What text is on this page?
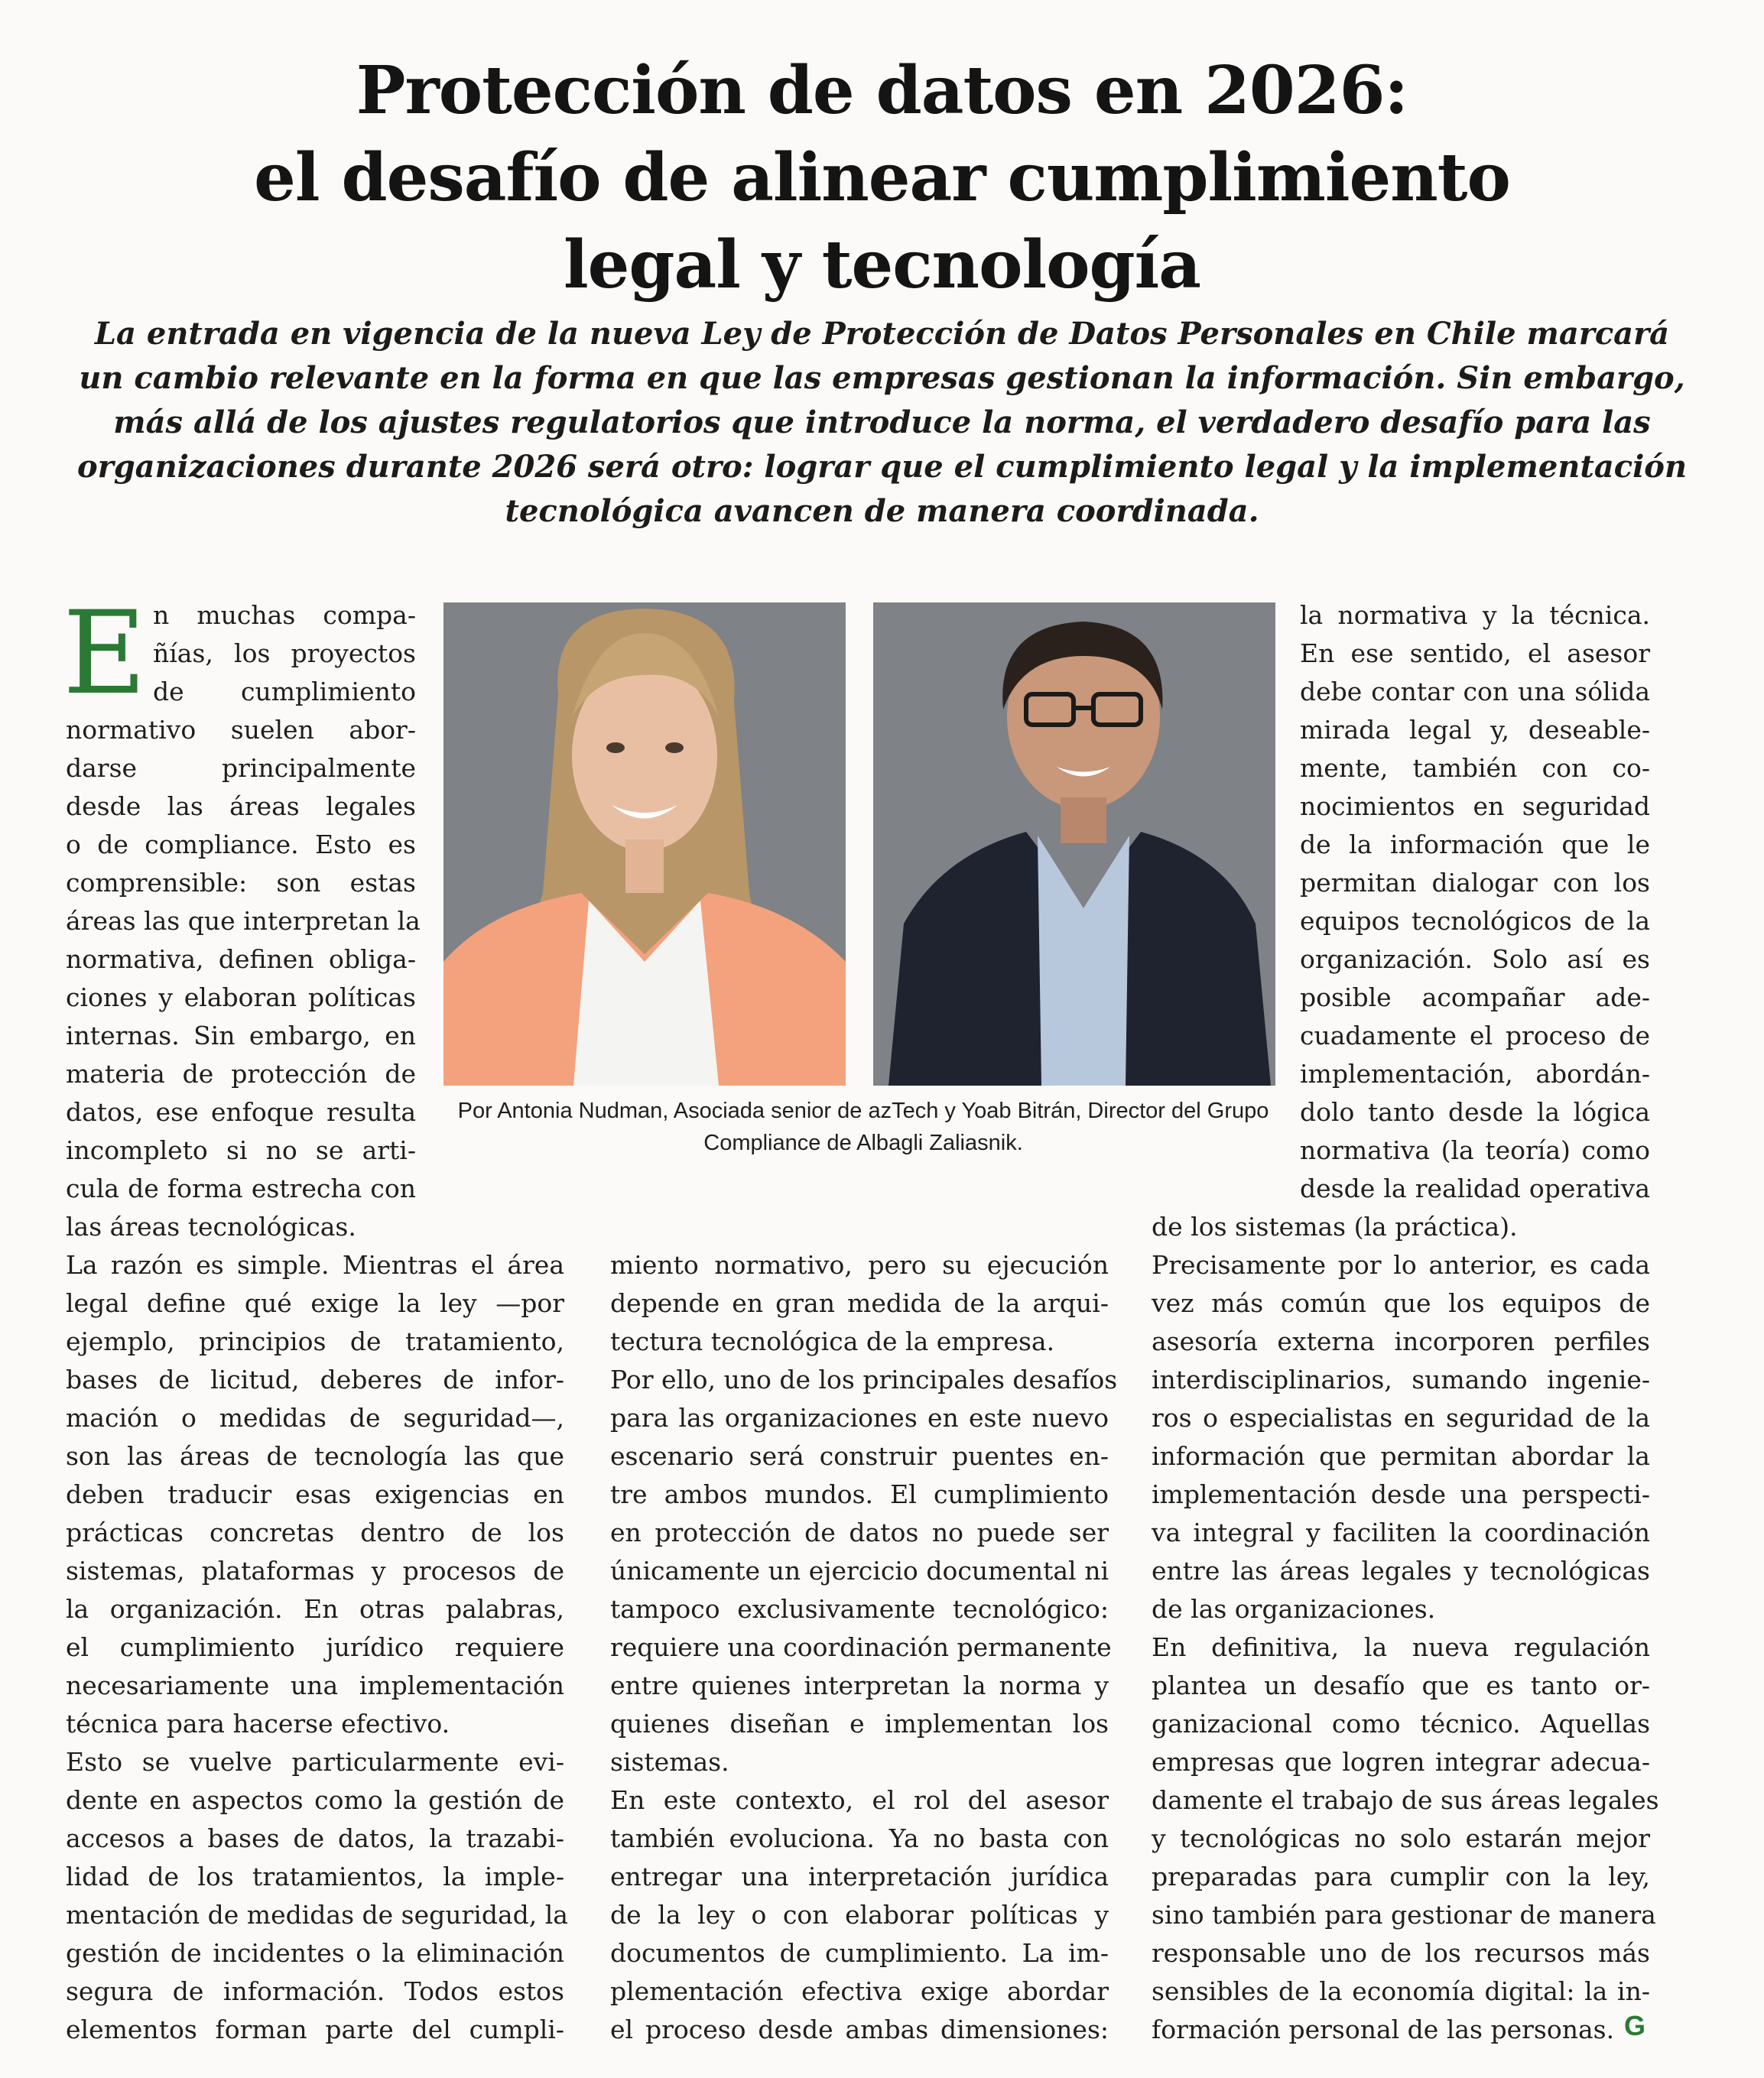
Protección de datos en 2026:
el desafío de alinear cumplimiento
legal y tecnología

La entrada en vigencia de la nueva Ley de Protección de Datos Personales en Chile marcará
un cambio relevante en la forma en que las empresas gestionan la información. Sin embargo,
más allá de los ajustes regulatorios que introduce la norma, el verdadero desafío para las
organizaciones durante 2026 será otro: lograr que el cumplimiento legal y la implementación
tecnológica avancen de manera coordinada.

E

Por Antonia Nudman, Asociada senior de azTech y Yoab Bitrán, Director del Grupo
Compliance de Albagli Zaliasnik.

n muchas compa-

ñías, los proyectos

de cumplimiento

normativo suelen abor-

darse principalmente

desde las áreas legales

o de compliance. Esto es

comprensible: son estas

áreas las que interpretan la

normativa, definen obliga-

ciones y elaboran políticas

internas. Sin embargo, en

materia de protección de

datos, ese enfoque resulta

incompleto si no se arti-

cula de forma estrecha con

las áreas tecnológicas.

La razón es simple. Mientras el área

legal define qué exige la ley —por

ejemplo, principios de tratamiento,

bases de licitud, deberes de infor-

mación o medidas de seguridad—,

son las áreas de tecnología las que

deben traducir esas exigencias en

prácticas concretas dentro de los

sistemas, plataformas y procesos de

la organización. En otras palabras,

el cumplimiento jurídico requiere

necesariamente una implementación

técnica para hacerse efectivo.

Esto se vuelve particularmente evi-

dente en aspectos como la gestión de

accesos a bases de datos, la trazabi-

lidad de los tratamientos, la imple-

mentación de medidas de seguridad, la

gestión de incidentes o la eliminación

segura de información. Todos estos

elementos forman parte del cumpli-

miento normativo, pero su ejecución

depende en gran medida de la arqui-

tectura tecnológica de la empresa.

Por ello, uno de los principales desafíos

para las organizaciones en este nuevo

escenario será construir puentes en-

tre ambos mundos. El cumplimiento

en protección de datos no puede ser

únicamente un ejercicio documental ni

tampoco exclusivamente tecnológico:

requiere una coordinación permanente

entre quienes interpretan la norma y

quienes diseñan e implementan los

sistemas.

En este contexto, el rol del asesor

también evoluciona. Ya no basta con

entregar una interpretación jurídica

de la ley o con elaborar políticas y

documentos de cumplimiento. La im-

plementación efectiva exige abordar

el proceso desde ambas dimensiones:

la normativa y la técnica.

En ese sentido, el asesor

debe contar con una sólida

mirada legal y, deseable-

mente, también con co-

nocimientos en seguridad

de la información que le

permitan dialogar con los

equipos tecnológicos de la

organización. Solo así es

posible acompañar ade-

cuadamente el proceso de

implementación, abordán-

dolo tanto desde la lógica

normativa (la teoría) como

desde la realidad operativa

de los sistemas (la práctica).

Precisamente por lo anterior, es cada

vez más común que los equipos de

asesoría externa incorporen perfiles

interdisciplinarios, sumando ingenie-

ros o especialistas en seguridad de la

información que permitan abordar la

implementación desde una perspecti-

va integral y faciliten la coordinación

entre las áreas legales y tecnológicas

de las organizaciones.

En definitiva, la nueva regulación

plantea un desafío que es tanto or-

ganizacional como técnico. Aquellas

empresas que logren integrar adecua-

damente el trabajo de sus áreas legales

y tecnológicas no solo estarán mejor

preparadas para cumplir con la ley,

sino también para gestionar de manera

responsable uno de los recursos más

sensibles de la economía digital: la in-

formación personal de las personas. G
